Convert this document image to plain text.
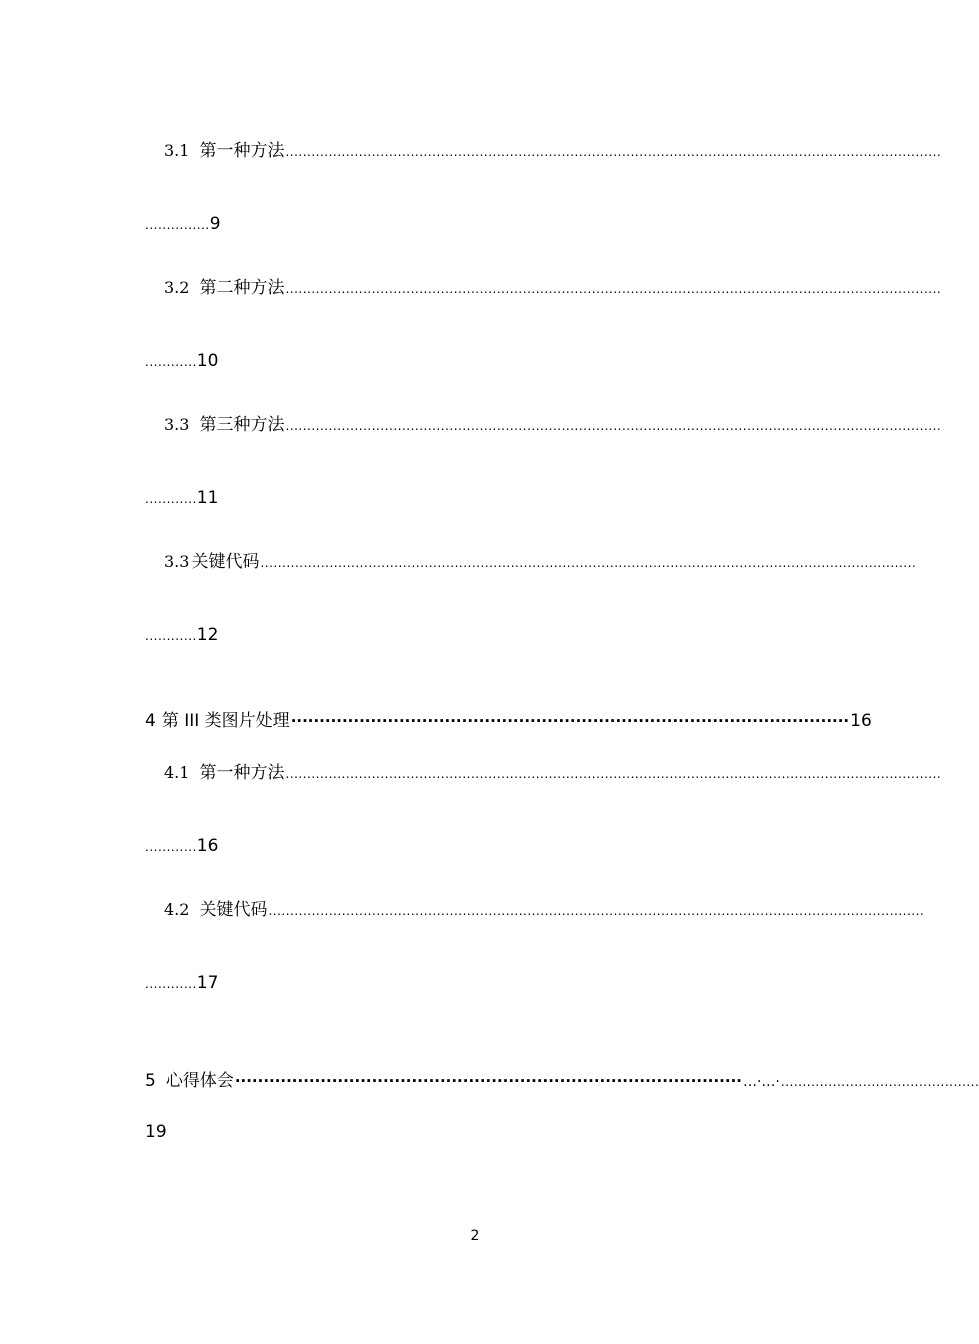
3.1 第一种方法 ........................................................................................................................................................
...............9
3.2 第二种方法 ........................................................................................................................................................
............10
3.3 第三种方法 ........................................................................................................................................................
............11
3.3 关键代码 ........................................................................................................................................................
............12
4 第 III 类图片处理 ·································································································· 16
4.1 第一种方法 ........................................................................................................................................................
............16
4.2 关键代码 ........................................................................................................................................................
............17
5 心得体会 ························································································· …·…· ..............................................
19
2
